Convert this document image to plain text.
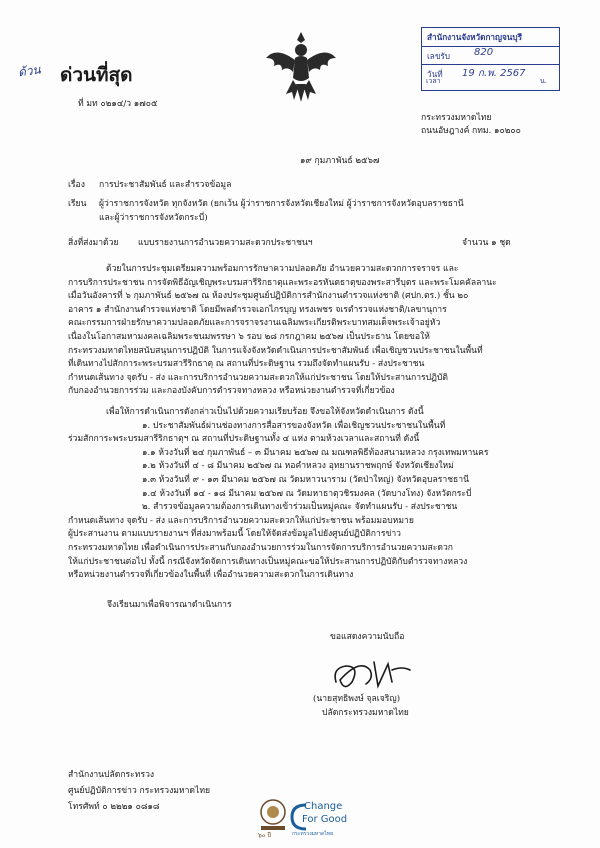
สำนักงานจังหวัดกาญจนบุรี
เลขรับ 820
วันที่ 19 ก.พ. 2567
เวลา	น.
ด้วน ด่วนที่สุด
ที่ มท ๐๒๑๔/ว ๑๗๐๕
กระทรวงมหาดไทย
ถนนอัษฎางค์ กทม. ๑๐๒๐๐
๑๙ กุมภาพันธ์ ๒๕๖๗
เรื่อง การประชาสัมพันธ์ และสำรวจข้อมูล
เรียน ผู้ว่าราชการจังหวัด ทุกจังหวัด (ยกเว้น ผู้ว่าราชการจังหวัดเชียงใหม่ ผู้ว่าราชการจังหวัดอุบลราชธานี
และผู้ว่าราชการจังหวัดกระบี่)
สิ่งที่ส่งมาด้วย แบบรายงานการอำนวยความสะดวกประชาชนฯ	จำนวน ๑ ชุด
ด้วยในการประชุมเตรียมความพร้อมการรักษาความปลอดภัย อำนวยความสะดวกการจราจร และ
การบริการประชาชน การจัดพิธีอัญเชิญพระบรมสารีริกธาตุและพระอรหันตธาตุของพระสารีบุตร และพระโมคคัลลานะ
เมื่อวันอังคารที่ ๖ กุมภาพันธ์ ๒๕๖๗ ณ ห้องประชุมศูนย์ปฏิบัติการสำนักงานตำรวจแห่งชาติ (ศปก.ตร.) ชั้น ๒๐
อาคาร ๑ สำนักงานตำรวจแห่งชาติ โดยมีพลตำรวจเอกไกรบุญ ทรงเพชร จเรตำรวจแห่งชาติ/เลขานุการ
คณะกรรมการฝ่ายรักษาความปลอดภัยและการจราจรงานเฉลิมพระเกียรติพระบาทสมเด็จพระเจ้าอยู่หัว
เนื่องในโอกาสมหามงคลเฉลิมพระชนมพรรษา ๖ รอบ ๒๘ กรกฎาคม ๒๕๖๗ เป็นประธาน โดยขอให้
กระทรวงมหาดไทยสนับสนุนการปฏิบัติ ในการแจ้งจังหวัดดำเนินการประชาสัมพันธ์ เพื่อเชิญชวนประชาชนในพื้นที่
ที่เดินทางไปสักการะพระบรมสารีริกธาตุ ณ สถานที่ประดิษฐาน รวมถึงจัดทำแผนรับ - ส่งประชาชน
กำหนดเส้นทาง จุดรับ - ส่ง และการบริการอำนวยความสะดวกให้แก่ประชาชน โดยให้ประสานการปฏิบัติ
กับกองอำนวยการร่วม และกองบังคับการตำรวจทางหลวง หรือหน่วยงานตำรวจที่เกี่ยวข้อง
เพื่อให้การดำเนินการดังกล่าวเป็นไปด้วยความเรียบร้อย จึงขอให้จังหวัดดำเนินการ ดังนี้
๑. ประชาสัมพันธ์ผ่านช่องทางการสื่อสารของจังหวัด เพื่อเชิญชวนประชาชนในพื้นที่
ร่วมสักการะพระบรมสารีริกธาตุฯ ณ สถานที่ประดิษฐานทั้ง ๔ แห่ง ตามห้วงเวลาและสถานที่ ดังนี้
๑.๑ ห้วงวันที่ ๒๔ กุมภาพันธ์ – ๓ มีนาคม ๒๕๖๗ ณ มณฑลพิธีท้องสนามหลวง กรุงเทพมหานคร
๑.๒ ห้วงวันที่ ๔ - ๘ มีนาคม ๒๕๖๗ ณ หอคำหลวง อุทยานราชพฤกษ์ จังหวัดเชียงใหม่
๑.๓ ห้วงวันที่ ๙ - ๑๓ มีนาคม ๒๕๖๗ ณ วัดมหาวนาราม (วัดป่าใหญ่) จังหวัดอุบลราชธานี
๑.๔ ห้วงวันที่ ๑๔ - ๑๘ มีนาคม ๒๕๖๗ ณ วัดมหาธาตุวชิรมงคล (วัดบางโทง) จังหวัดกระบี่
๒. สำรวจข้อมูลความต้องการเดินทางเข้าร่วมเป็นหมู่คณะ จัดทำแผนรับ - ส่งประชาชน
กำหนดเส้นทาง จุดรับ - ส่ง และการบริการอำนวยความสะดวกให้แก่ประชาชน พร้อมมอบหมาย
ผู้ประสานงาน ตามแบบรายงานฯ ที่ส่งมาพร้อมนี้ โดยให้จัดส่งข้อมูลไปยังศูนย์ปฏิบัติการข่าว
กระทรวงมหาดไทย เพื่อดำเนินการประสานกับกองอำนวยการร่วมในการจัดการบริการอำนวยความสะดวก
ให้แก่ประชาชนต่อไป ทั้งนี้ กรณีจังหวัดจัดการเดินทางเป็นหมู่คณะขอให้ประสานการปฏิบัติกับตำรวจทางหลวง
หรือหน่วยงานตำรวจที่เกี่ยวข้องในพื้นที่ เพื่ออำนวยความสะดวกในการเดินทาง
จึงเรียนมาเพื่อพิจารณาดำเนินการ
ขอแสดงความนับถือ
(นายสุทธิพงษ์ จุลเจริญ)
ปลัดกระทรวงมหาดไทย
สำนักงานปลัดกระทรวง
ศูนย์ปฏิบัติการข่าว กระทรวงมหาดไทย
โทรศัพท์ ๐ ๒๒๒๑ ๐๘๑๘
๖๐ ปี
Change
For Good
กระทรวงมหาดไทย
